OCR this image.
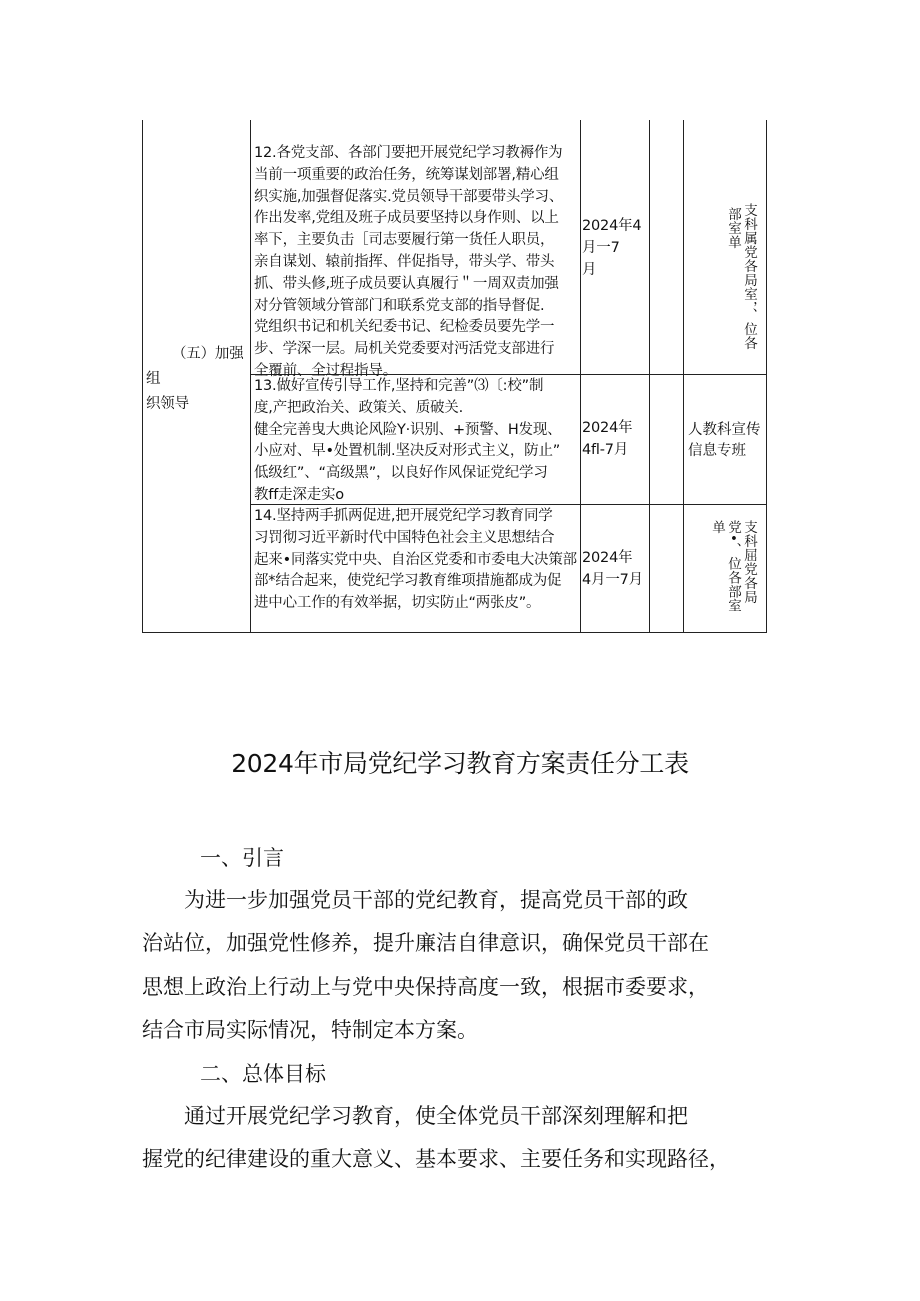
（五）加强
组
织领导
12.各党支部、各部门要把开展党纪学习教褥作为
当前一项重要的政治任务，统筹谋划部署,精心组
织实施,加强督促落实.党员领导干部要带头学习、
作出发率,党组及班子成员要坚持以身作则、以上
率下，主要负击［司志要履行第一货任人职员，
亲自谋划、辕前指挥、伴促指导，带头学、带头
抓、带头修,班子成员要认真履行＂一周双责加强
对分管领域分管部门和联系党支部的指导督促.
党组织书记和机关纪委书记、纪检委员要先学一
步、学深一层。局机关党委要对沔活党支部进行
全覆前、全过程指导。
2024年4
月一7
月	支科属党各局室，、位各
部室单
13.做好宣传引导工作,坚持和完善”⑶〔:校”制
度,产把政治关、政策关、质破关.
健全完善曳大典论风险Y·识别、+预警、H发现、
小应对、早•处置机制.坚决反对形式主义，防止”
低级红”、“高级黑”，以良好作风保证党纪学习
教ff走深走实o
2024年
4fl-7月
人教科宣传
信息专班
14.坚持两手抓两促进,把开展党纪学习教育同学
习罚彻习近平新时代中国特色社会主义思想结合
起来•同落实党中央、自治区党委和市委电大决策部
部*结合起来，使党纪学习教育维项措施都成为促
进中心工作的有效举据，切实防止“两张皮”。
2024年
4月一7月	支科屈党各局
党•、位各部室
单
2024年市局党纪学习教育方案责任分工表
一、引言
为进一步加强党员干部的党纪教育，提高党员干部的政
治站位，加强党性修养，提升廉洁自律意识，确保党员干部在
思想上政治上行动上与党中央保持高度一致，根据市委要求，
结合市局实际情况，特制定本方案。
二、总体目标
通过开展党纪学习教育，使全体党员干部深刻理解和把
握党的纪律建设的重大意义、基本要求、主要任务和实现路径，
